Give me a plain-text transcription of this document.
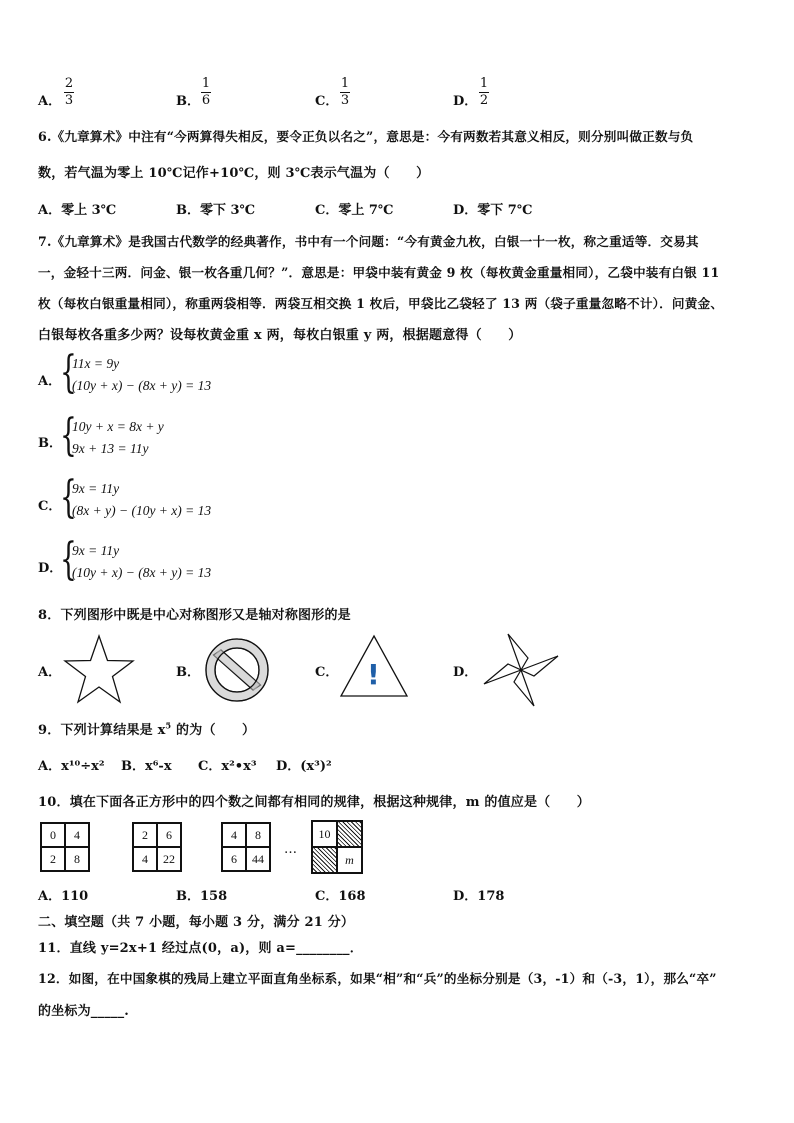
A．
2
3	B．
1
6	C．
1
3	D．
1
2
6.《九章算术》中注有“今两算得失相反，要令正负以名之”，意思是：今有两数若其意义相反，则分别叫做正数与负
数，若气温为零上 10℃记作+10℃，则 3℃表示气温为（　　）
A．零上 3℃	B．零下 3℃	C．零上 7℃	D．零下 7℃
7.《九章算术》是我国古代数学的经典著作，书中有一个问题：“今有黄金九枚，白银一十一枚，称之重适等．交易其
一，金轻十三两．问金、银一枚各重几何？”．意思是：甲袋中装有黄金 9 枚（每枚黄金重量相同），乙袋中装有白银 11
枚（每枚白银重量相同），称重两袋相等．两袋互相交换 1 枚后，甲袋比乙袋轻了 13 两（袋子重量忽略不计）．问黄金、
白银每枚各重多少两？设每枚黄金重 x 两，每枚白银重 y 两，根据题意得（　　）
A．
{
11x = 9y
(10y + x) − (8x + y) = 13
B．
{
10y + x = 8x + y
9x + 13 = 11y
C．
{
9x = 11y
(8x + y) − (10y + x) = 13
D．
{
9x = 11y
(10y + x) − (8x + y) = 13
8．下列图形中既是中心对称图形又是轴对称图形的是
A．	B．	C． !	D．
9．下列计算结果是 $x^5$ 的为（　　）
A．x¹⁰÷x² B．x⁶-x C．x²•x³ D．(x³)²
10．填在下面各正方形中的四个数之间都有相同的规律，根据这种规律，m 的值应是（　　）
0	4
2	8
2	6
4	22
4	8
6	44
…
10
m
A．110	B．158	C．168	D．178
二、填空题（共 7 小题，每小题 3 分，满分 21 分）
11．直线 y=2x+1 经过点(0，a)，则 a=________．
12．如图，在中国象棋的残局上建立平面直角坐标系，如果“相”和“兵”的坐标分别是（3，-1）和（-3，1），那么“卒”
的坐标为_____.
